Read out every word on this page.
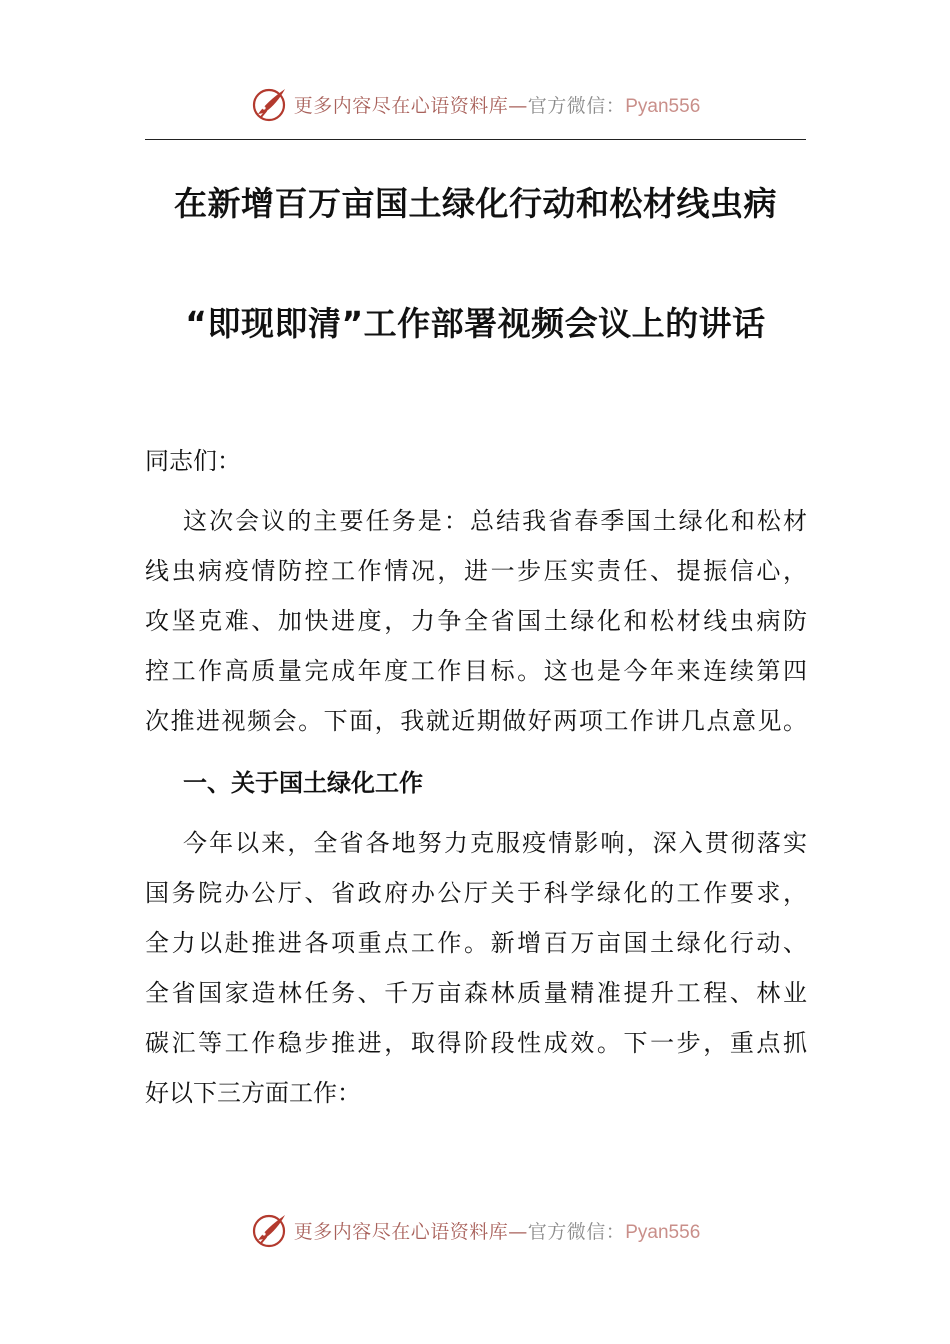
更多内容尽在心语资料库—官方微信：Pyan556
在新增百万亩国土绿化行动和松材线虫病
“即现即清”工作部署视频会议上的讲话
同志们：
这次会议的主要任务是：总结我省春季国土绿化和松材
线虫病疫情防控工作情况，进一步压实责任、提振信心，
攻坚克难、加快进度，力争全省国土绿化和松材线虫病防
控工作高质量完成年度工作目标。这也是今年来连续第四
次推进视频会。下面，我就近期做好两项工作讲几点意见。
一、关于国土绿化工作
今年以来，全省各地努力克服疫情影响，深入贯彻落实
国务院办公厅、省政府办公厅关于科学绿化的工作要求，
全力以赴推进各项重点工作。新增百万亩国土绿化行动、
全省国家造林任务、千万亩森林质量精准提升工程、林业
碳汇等工作稳步推进，取得阶段性成效。下一步，重点抓
好以下三方面工作：
更多内容尽在心语资料库—官方微信：Pyan556
